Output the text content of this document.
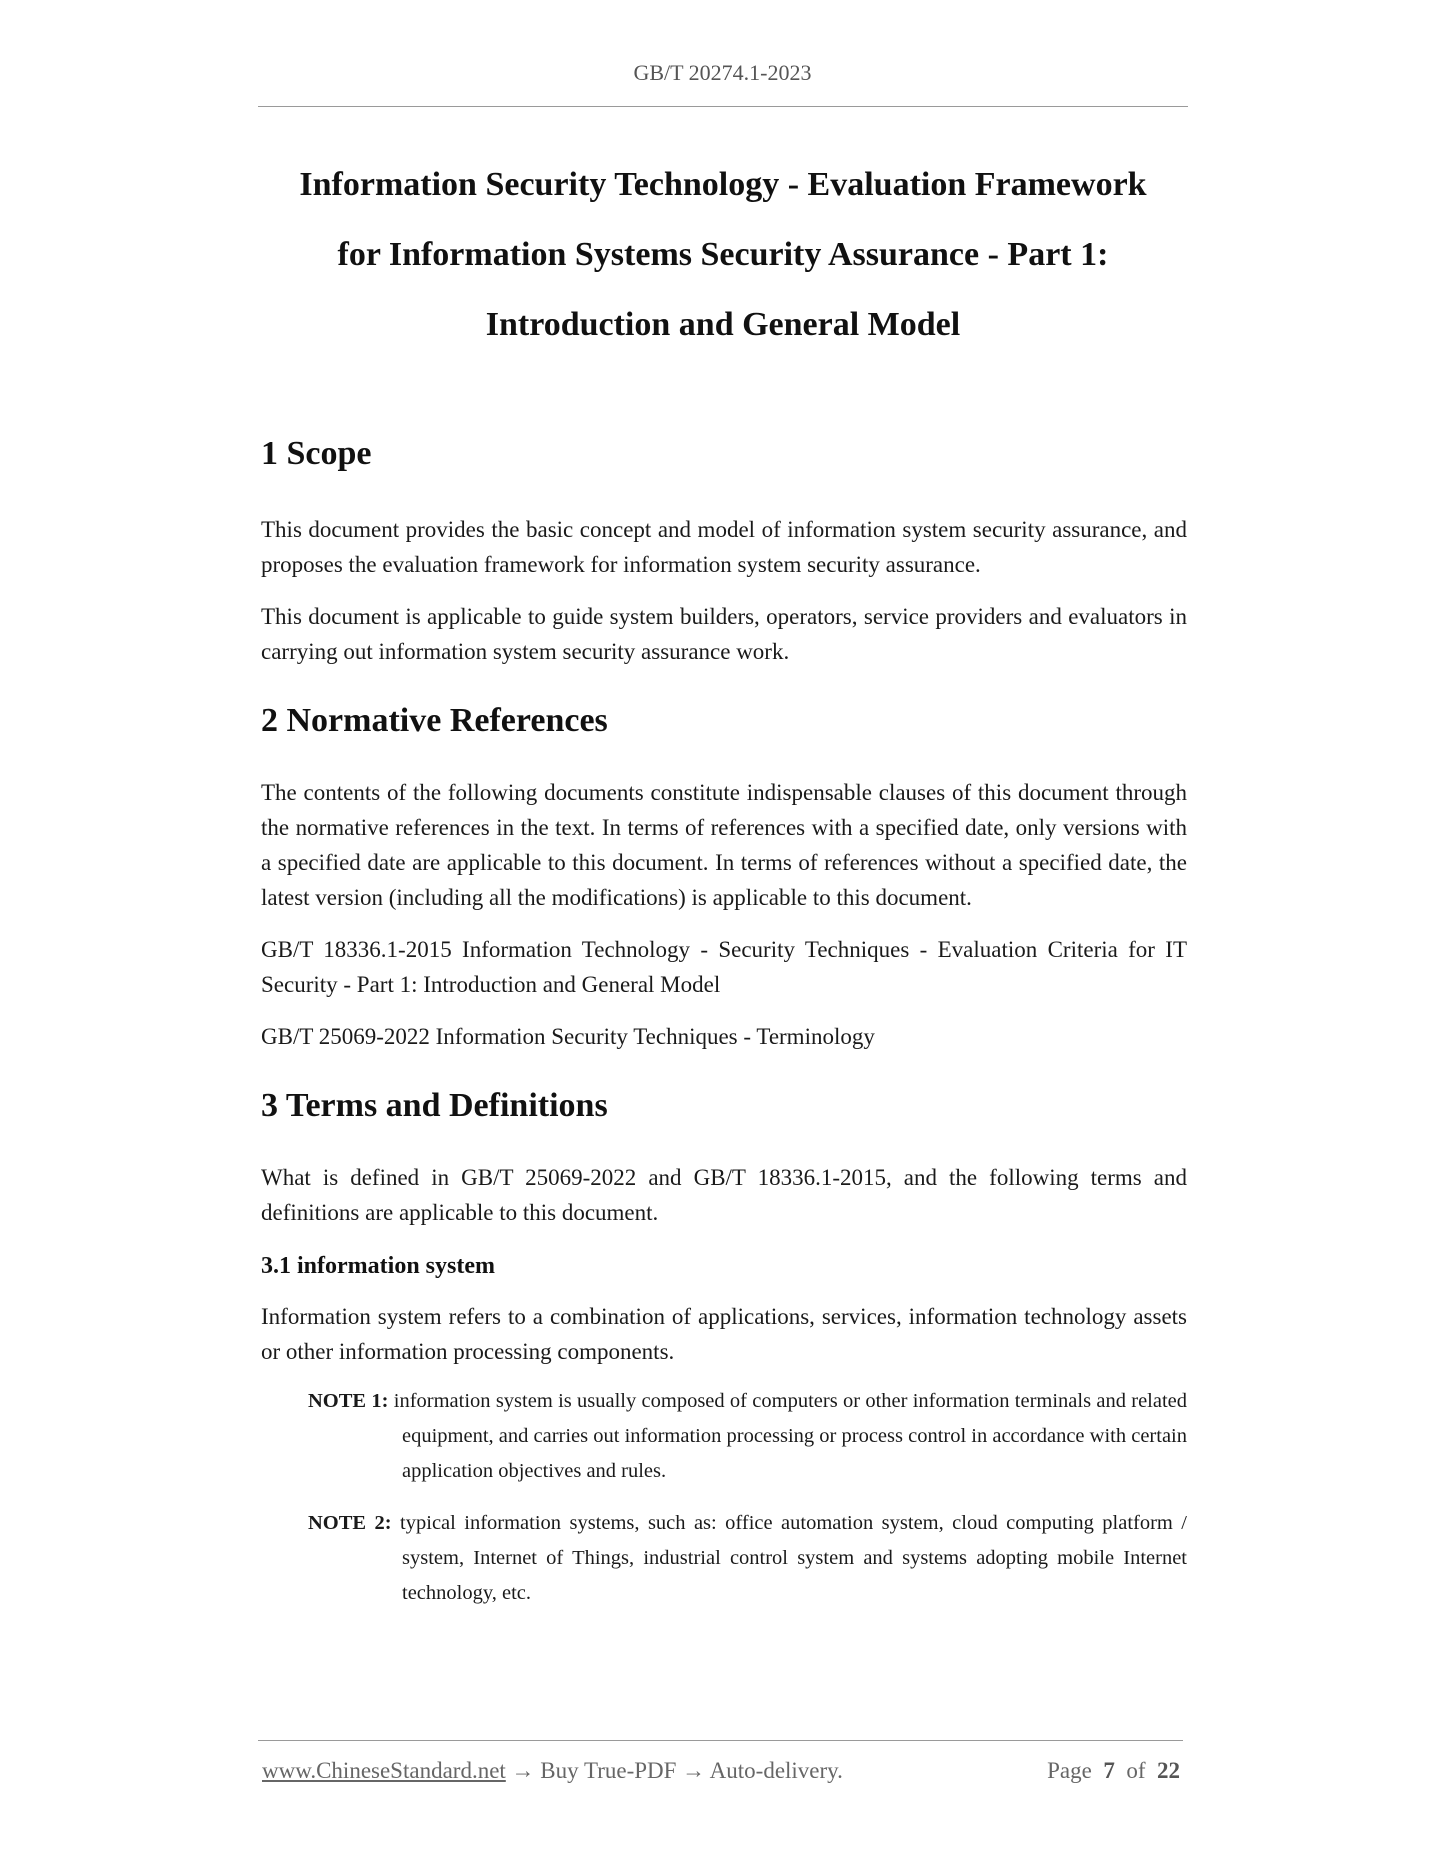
GB/T 20274.1-2023
Information Security Technology - Evaluation Framework
for Information Systems Security Assurance - Part 1:
Introduction and General Model
1 Scope

This document provides the basic concept and model of information system security assurance, and proposes the evaluation framework for information system security assurance.

This document is applicable to guide system builders, operators, service providers and evaluators in carrying out information system security assurance work.

2 Normative References

The contents of the following documents constitute indispensable clauses of this document through the normative references in the text. In terms of references with a specified date, only versions with a specified date are applicable to this document. In terms of references without a specified date, the latest version (including all the modifications) is applicable to this document.

GB/T 18336.1-2015 Information Technology - Security Techniques - Evaluation Criteria for IT Security - Part 1: Introduction and General Model

GB/T 25069-2022 Information Security Techniques - Terminology

3 Terms and Definitions

What is defined in GB/T 25069-2022 and GB/T 18336.1-2015, and the following terms and definitions are applicable to this document.

3.1 information system

Information system refers to a combination of applications, services, information technology assets or other information processing components.

NOTE 1: information system is usually composed of computers or other information terminals and related equipment, and carries out information processing or process control in accordance with certain application objectives and rules.
NOTE 2: typical information systems, such as: office automation system, cloud computing platform / system, Internet of Things, industrial control system and systems adopting mobile Internet technology, etc.
www.ChineseStandard.net → Buy True-PDF → Auto-delivery.	Page 7 of 22
